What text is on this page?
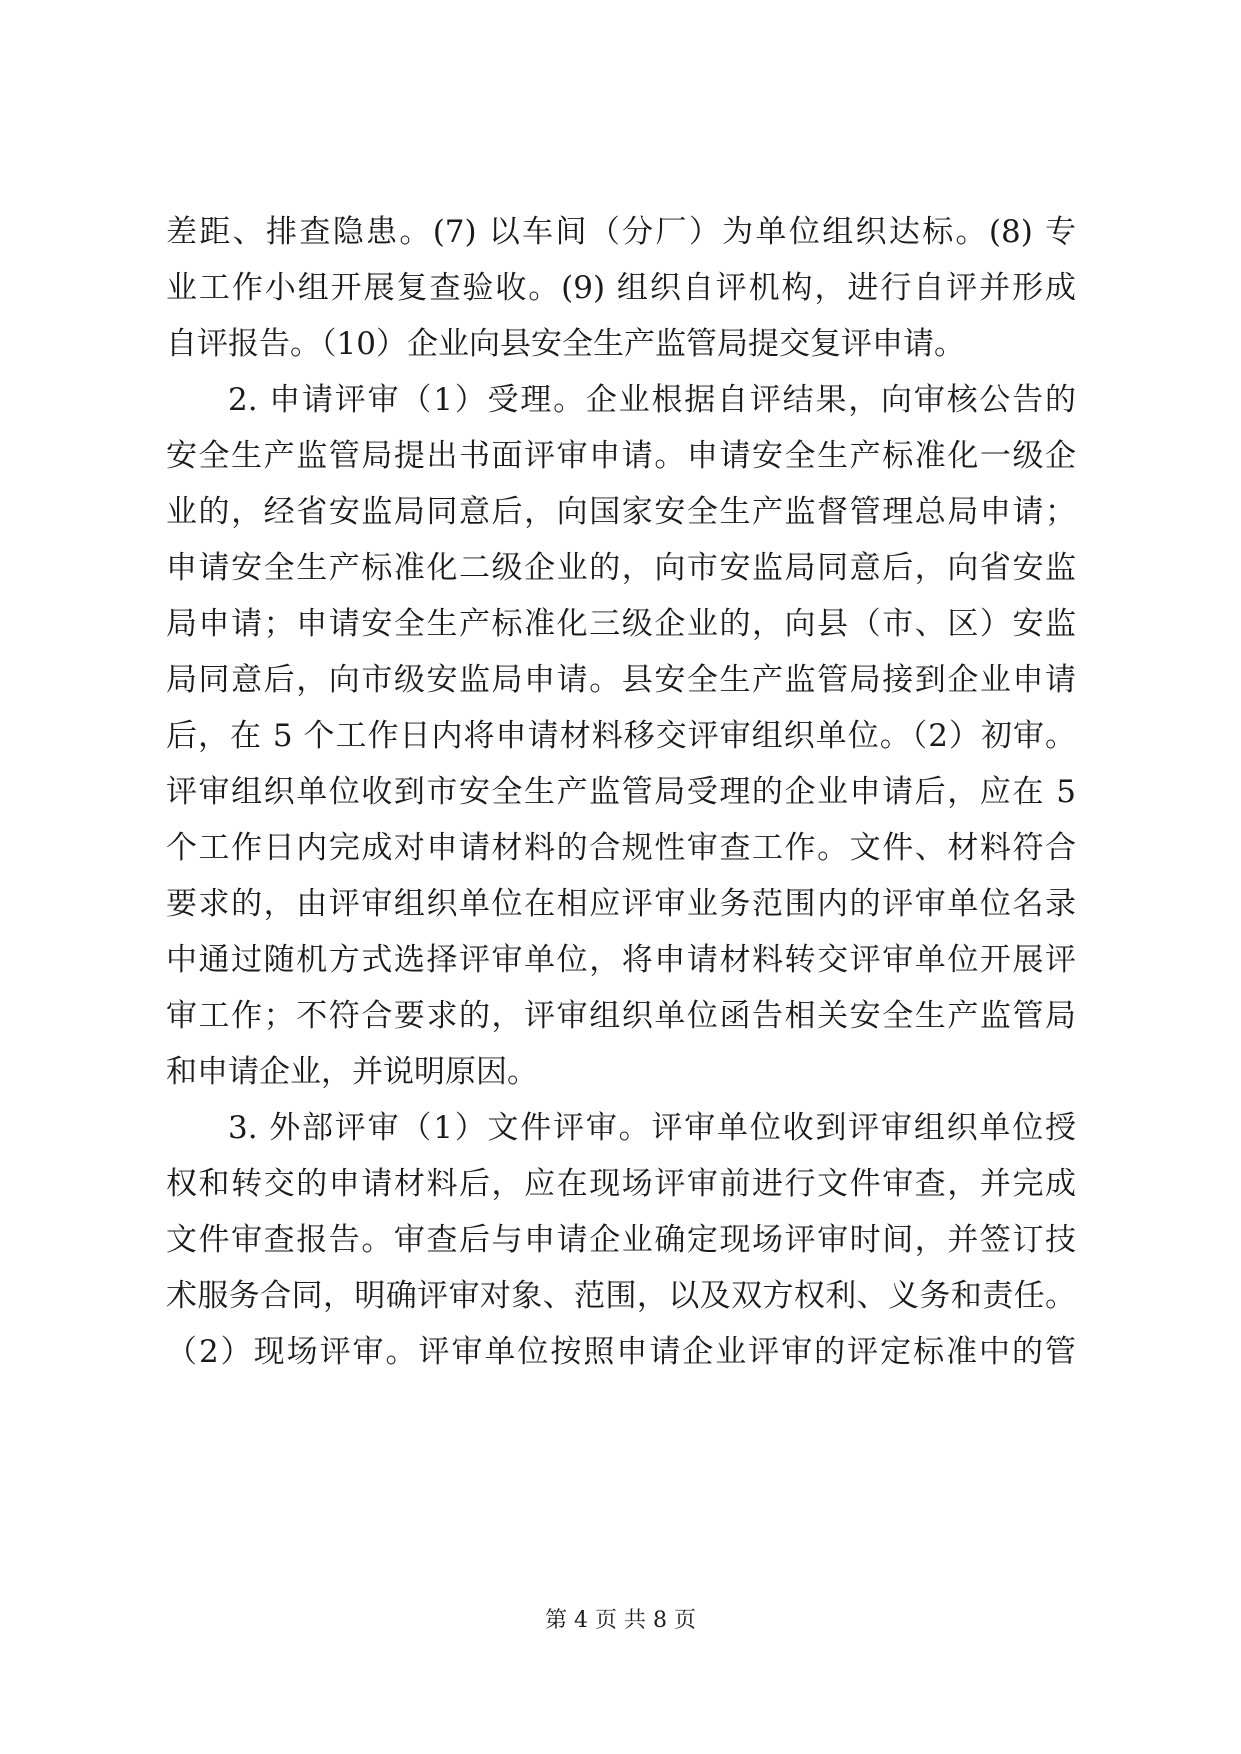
差距、排查隐患。(7) 以车间（分厂）为单位组织达标。(8) 专
业工作小组开展复查验收。(9) 组织自评机构，进行自评并形成
自评报告。（10）企业向县安全生产监管局提交复评申请。
2. 申请评审（1）受理。企业根据自评结果，向审核公告的
安全生产监管局提出书面评审申请。申请安全生产标准化一级企
业的，经省安监局同意后，向国家安全生产监督管理总局申请；
申请安全生产标准化二级企业的，向市安监局同意后，向省安监
局申请；申请安全生产标准化三级企业的，向县（市、区）安监
局同意后，向市级安监局申请。县安全生产监管局接到企业申请
后，在 5 个工作日内将申请材料移交评审组织单位。（2）初审。
评审组织单位收到市安全生产监管局受理的企业申请后，应在 5
个工作日内完成对申请材料的合规性审查工作。文件、材料符合
要求的，由评审组织单位在相应评审业务范围内的评审单位名录
中通过随机方式选择评审单位，将申请材料转交评审单位开展评
审工作；不符合要求的，评审组织单位函告相关安全生产监管局
和申请企业，并说明原因。
3. 外部评审（1）文件评审。评审单位收到评审组织单位授
权和转交的申请材料后，应在现场评审前进行文件审查，并完成
文件审查报告。审查后与申请企业确定现场评审时间，并签订技
术服务合同，明确评审对象、范围，以及双方权利、义务和责任。
（2）现场评审。评审单位按照申请企业评审的评定标准中的管
第 4 页 共 8 页
